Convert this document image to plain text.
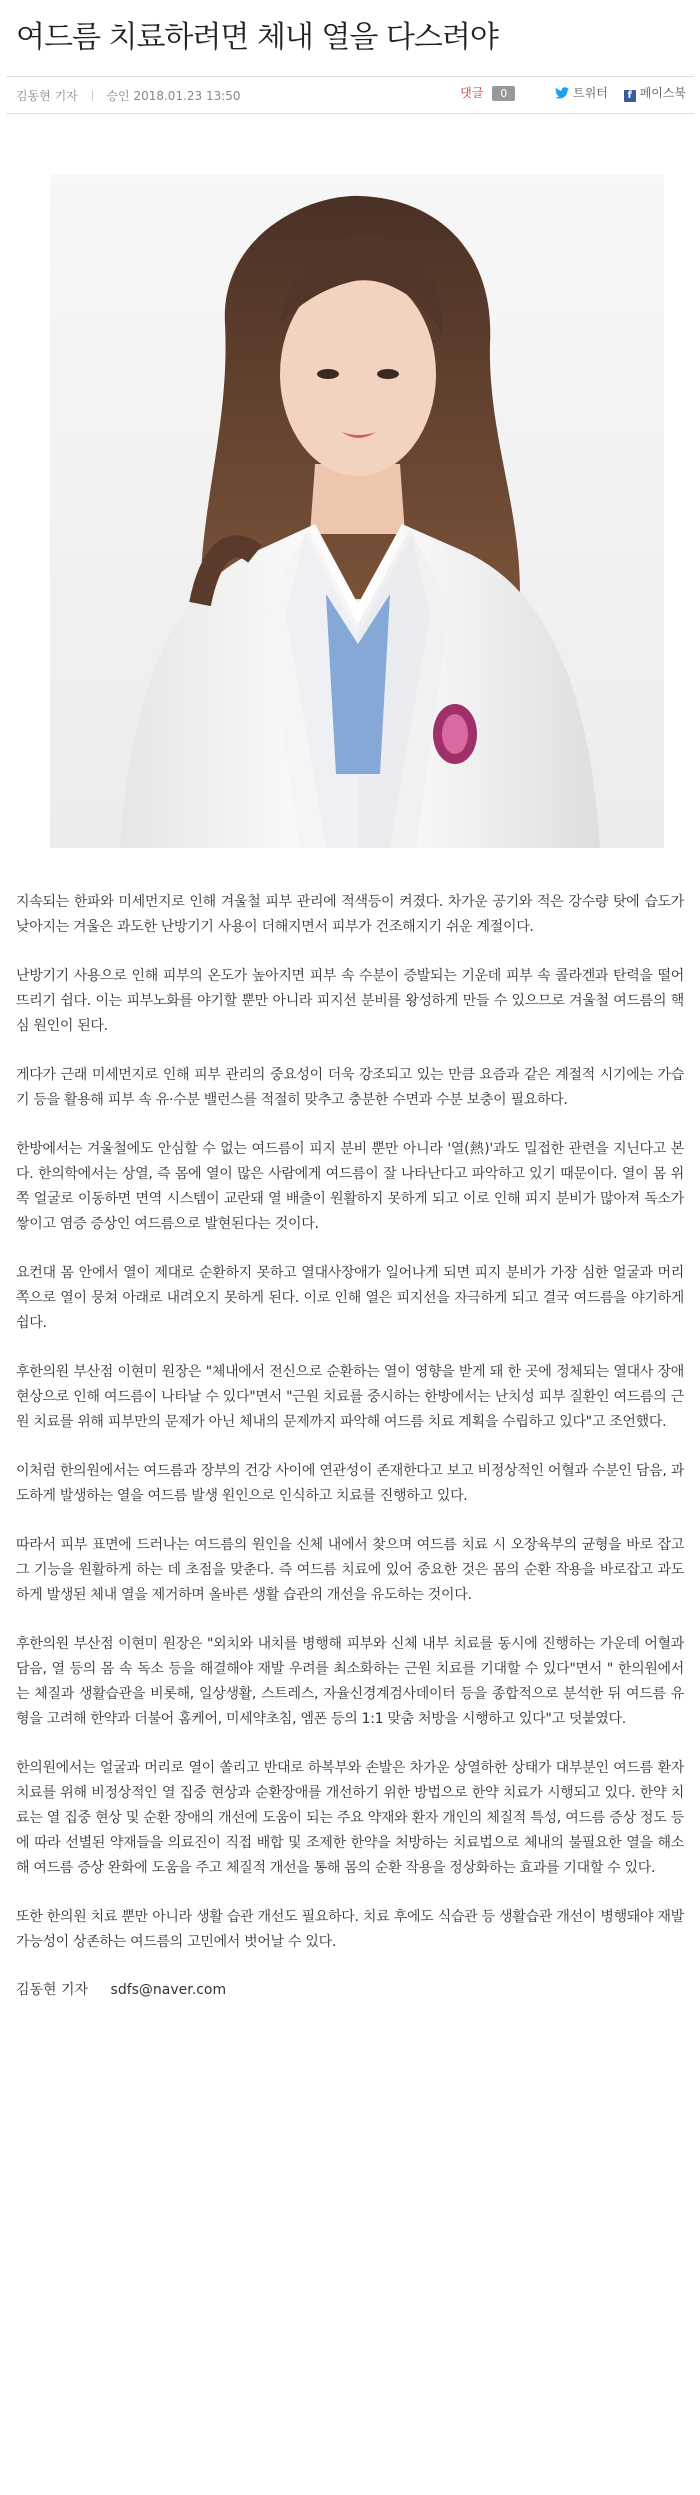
여드름 치료하려면 체내 열을 다스려야
김동현 기자 승인 2018.01.23 13:50	댓글 0	트위터 f 페이스북

지속되는 한파와 미세먼지로 인해 겨울철 피부 관리에 적색등이 켜졌다. 차가운 공기와 적은 강수량 탓에 습도가 낮아지는 겨울은 과도한 난방기기 사용이 더해지면서 피부가 건조해지기 쉬운 계절이다.

난방기기 사용으로 인해 피부의 온도가 높아지면 피부 속 수분이 증발되는 기운데 피부 속 콜라겐과 탄력을 떨어뜨리기 쉽다. 이는 피부노화를 야기할 뿐만 아니라 피지선 분비를 왕성하게 만들 수 있으므로 겨울철 여드름의 핵심 원인이 된다.

게다가 근래 미세먼지로 인해 피부 관리의 중요성이 더욱 강조되고 있는 만큼 요즘과 같은 계절적 시기에는 가습기 등을 활용해 피부 속 유·수분 밸런스를 적절히 맞추고 충분한 수면과 수분 보충이 필요하다.

한방에서는 겨울철에도 안심할 수 없는 여드름이 피지 분비 뿐만 아니라 '열(熱)'과도 밀접한 관련을 지닌다고 본다. 한의학에서는 상열, 즉 몸에 열이 많은 사람에게 여드름이 잘 나타난다고 파악하고 있기 때문이다. 열이 몸 위쪽 얼굴로 이동하면 면역 시스템이 교란돼 열 배출이 원활하지 못하게 되고 이로 인해 피지 분비가 많아져 독소가 쌓이고 염증 증상인 여드름으로 발현된다는 것이다.

요컨대 몸 안에서 열이 제대로 순환하지 못하고 열대사장애가 일어나게 되면 피지 분비가 가장 심한 얼굴과 머리 쪽으로 열이 뭉쳐 아래로 내려오지 못하게 된다. 이로 인해 열은 피지선을 자극하게 되고 결국 여드름을 야기하게 쉽다.

후한의원 부산점 이현미 원장은 "체내에서 전신으로 순환하는 열이 영향을 받게 돼 한 곳에 정체되는 열대사 장애 현상으로 인해 여드름이 나타날 수 있다"면서 "근원 치료를 중시하는 한방에서는 난치성 피부 질환인 여드름의 근원 치료를 위해 피부만의 문제가 아닌 체내의 문제까지 파악해 여드름 치료 계획을 수립하고 있다"고 조언했다.

이처럼 한의원에서는 여드름과 장부의 건강 사이에 연관성이 존재한다고 보고 비정상적인 어혈과 수분인 담음, 과도하게 발생하는 열을 여드름 발생 원인으로 인식하고 치료를 진행하고 있다.

따라서 피부 표면에 드러나는 여드름의 원인을 신체 내에서 찾으며 여드름 치료 시 오장육부의 균형을 바로 잡고 그 기능을 원활하게 하는 데 초점을 맞춘다. 즉 여드름 치료에 있어 중요한 것은 몸의 순환 작용을 바로잡고 과도하게 발생된 체내 열을 제거하며 올바른 생활 습관의 개선을 유도하는 것이다.

후한의원 부산점 이현미 원장은 "외치와 내치를 병행해 피부와 신체 내부 치료를 동시에 진행하는 가운데 어혈과 담음, 열 등의 몸 속 독소 등을 해결해야 재발 우려를 최소화하는 근원 치료를 기대할 수 있다"면서 " 한의원에서는 체질과 생활습관을 비롯해, 일상생활, 스트레스, 자율신경계검사데이터 등을 종합적으로 분석한 뒤 여드름 유형을 고려해 한약과 더불어 홈케어, 미세약초침, 엠폰 등의 1:1 맞춤 처방을 시행하고 있다"고 덧붙였다.

한의원에서는 얼굴과 머리로 열이 쏠리고 반대로 하복부와 손발은 차가운 상열하한 상태가 대부분인 여드름 환자 치료를 위해 비정상적인 열 집중 현상과 순환장애를 개선하기 위한 방법으로 한약 치료가 시행되고 있다. 한약 치료는 열 집중 현상 및 순환 장애의 개선에 도움이 되는 주요 약재와 환자 개인의 체질적 특성, 여드름 증상 정도 등에 따라 선별된 약재들을 의료진이 직접 배합 및 조제한 한약을 처방하는 치료법으로 체내의 불필요한 열을 해소해 여드름 증상 완화에 도움을 주고 체질적 개선을 통해 몸의 순환 작용을 정상화하는 효과를 기대할 수 있다.

또한 한의원 치료 뿐만 아니라 생활 습관 개선도 필요하다. 치료 후에도 식습관 등 생활습관 개선이 병행돼야 재발 가능성이 상존하는 여드름의 고민에서 벗어날 수 있다.

김동현 기자 sdfs@naver.com
